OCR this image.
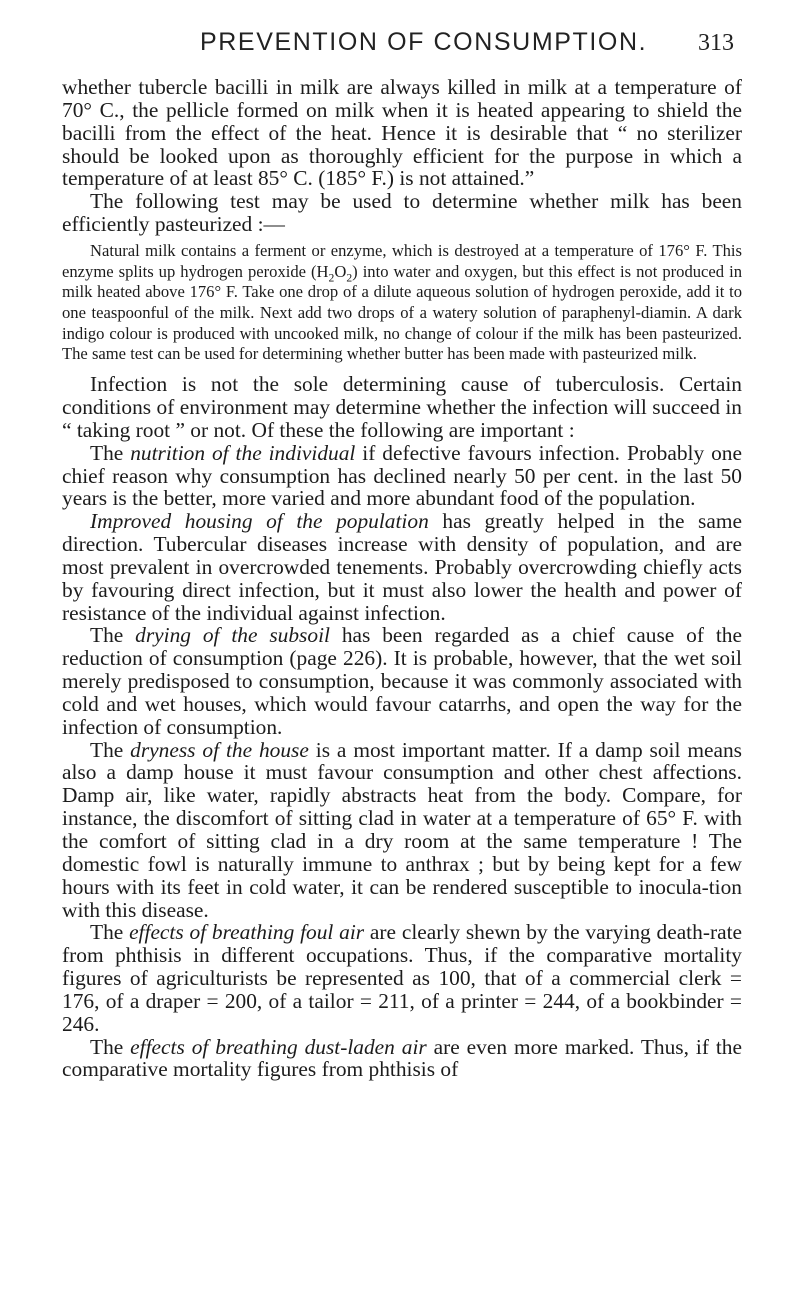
PREVENTION OF CONSUMPTION. 313

whether tubercle bacilli in milk are always killed in milk at a temperature of 70° C., the pellicle formed on milk when it is heated appearing to shield the bacilli from the effect of the heat. Hence it is desirable that “ no sterilizer should be looked upon as thoroughly efficient for the purpose in which a temperature of at least 85° C. (185° F.) is not attained.”

The following test may be used to determine whether milk has been efficiently pasteurized :—

Natural milk contains a ferment or enzyme, which is destroyed at a temperature of 176° F. This enzyme splits up hydrogen peroxide $(H_2O_2)$ into water and oxygen, but this effect is not produced in milk heated above 176° F. Take one drop of a dilute aqueous solution of hydrogen peroxide, add it to one teaspoonful of the milk. Next add two drops of a watery solution of paraphenyl-diamin. A dark indigo colour is produced with uncooked milk, no change of colour if the milk has been pasteurized. The same test can be used for determining whether butter has been made with pasteurized milk.

Infection is not the sole determining cause of tuberculosis. Certain conditions of environment may determine whether the infection will succeed in “ taking root ” or not. Of these the following are important :

The nutrition of the individual if defective favours infection. Probably one chief reason why consumption has declined nearly 50 per cent. in the last 50 years is the better, more varied and more abundant food of the population.

Improved housing of the population has greatly helped in the same direction. Tubercular diseases increase with density of population, and are most prevalent in overcrowded tenements. Probably overcrowding chiefly acts by favouring direct infection, but it must also lower the health and power of resistance of the individual against infection.

The drying of the subsoil has been regarded as a chief cause of the reduction of consumption (page 226). It is probable, however, that the wet soil merely predisposed to consumption, because it was commonly associated with cold and wet houses, which would favour catarrhs, and open the way for the infection of consumption.

The dryness of the house is a most important matter. If a damp soil means also a damp house it must favour consumption and other chest affections. Damp air, like water, rapidly abstracts heat from the body. Compare, for instance, the discomfort of sitting clad in water at a temperature of 65° F. with the comfort of sitting clad in a dry room at the same temperature ! The domestic fowl is naturally immune to anthrax ; but by being kept for a few hours with its feet in cold water, it can be rendered susceptible to inocula-tion with this disease.

The effects of breathing foul air are clearly shewn by the varying death-rate from phthisis in different occupations. Thus, if the comparative mortality figures of agriculturists be represented as 100, that of a commercial clerk = 176, of a draper = 200, of a tailor = 211, of a printer = 244, of a bookbinder = 246.

The effects of breathing dust-laden air are even more marked. Thus, if the comparative mortality figures from phthisis of
